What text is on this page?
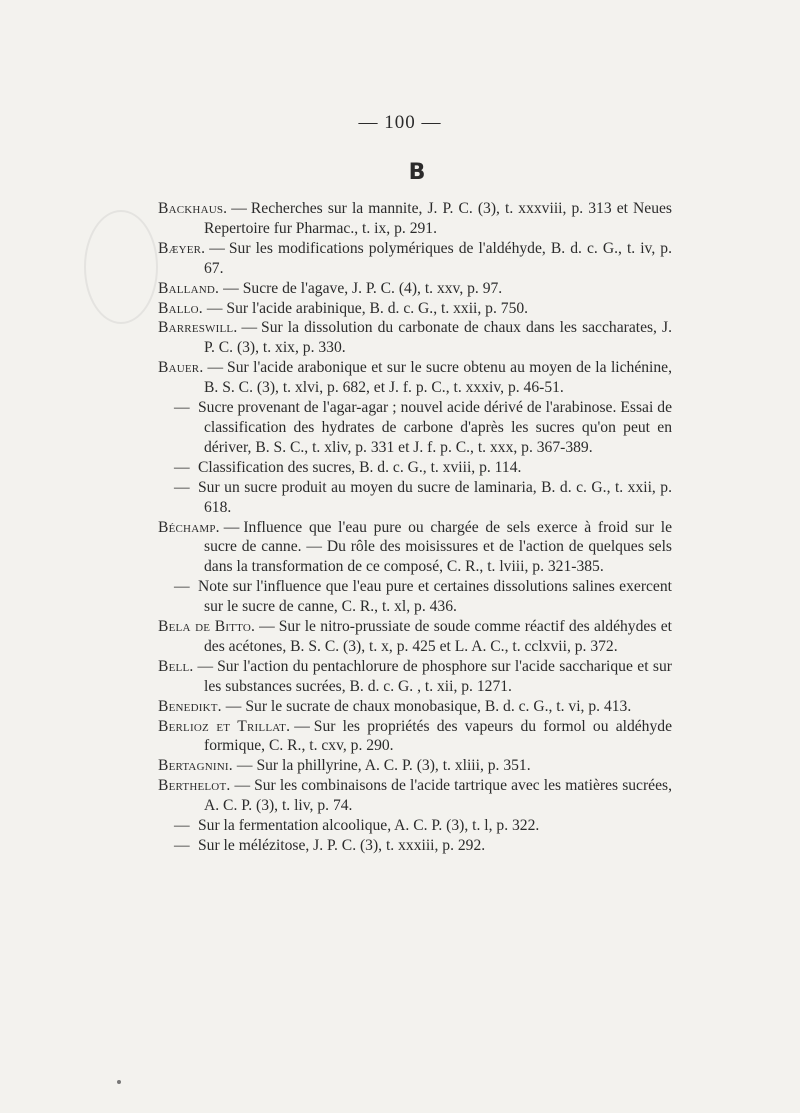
— 100 —
B

Backhaus. — Recherches sur la mannite, J. P. C. (3), t. xxxviii, p. 313 et Neues Repertoire fur Pharmac., t. ix, p. 291.

Bæyer. — Sur les modifications polymériques de l'aldéhyde, B. d. c. G., t. iv, p. 67.

Balland. — Sucre de l'agave, J. P. C. (4), t. xxv, p. 97.

Ballo. — Sur l'acide arabinique, B. d. c. G., t. xxii, p. 750.

Barreswill. — Sur la dissolution du carbonate de chaux dans les saccharates, J. P. C. (3), t. xix, p. 330.

Bauer. — Sur l'acide arabonique et sur le sucre obtenu au moyen de la lichénine, B. S. C. (3), t. xlvi, p. 682, et J. f. p. C., t. xxxiv, p. 46-51.

— Sucre provenant de l'agar-agar ; nouvel acide dérivé de l'arabinose. Essai de classification des hydrates de carbone d'après les sucres qu'on peut en dériver, B. S. C., t. xliv, p. 331 et J. f. p. C., t. xxx, p. 367-389.

— Classification des sucres, B. d. c. G., t. xviii, p. 114.

— Sur un sucre produit au moyen du sucre de laminaria, B. d. c. G., t. xxii, p. 618.

Béchamp. — Influence que l'eau pure ou chargée de sels exerce à froid sur le sucre de canne. — Du rôle des moisissures et de l'action de quelques sels dans la transformation de ce composé, C. R., t. lviii, p. 321-385.

— Note sur l'influence que l'eau pure et certaines dissolutions salines exercent sur le sucre de canne, C. R., t. xl, p. 436.

Bela de Bitto. — Sur le nitro-prussiate de soude comme réactif des aldéhydes et des acétones, B. S. C. (3), t. x, p. 425 et L. A. C., t. cclxvii, p. 372.

Bell. — Sur l'action du pentachlorure de phosphore sur l'acide saccharique et sur les substances sucrées, B. d. c. G. , t. xii, p. 1271.

Benedikt. — Sur le sucrate de chaux monobasique, B. d. c. G., t. vi, p. 413.

Berlioz et Trillat. — Sur les propriétés des vapeurs du formol ou aldéhyde formique, C. R., t. cxv, p. 290.

Bertagnini. — Sur la phillyrine, A. C. P. (3), t. xliii, p. 351.

Berthelot. — Sur les combinaisons de l'acide tartrique avec les matières sucrées, A. C. P. (3), t. liv, p. 74.

— Sur la fermentation alcoolique, A. C. P. (3), t. l, p. 322.

— Sur le mélézitose, J. P. C. (3), t. xxxiii, p. 292.
